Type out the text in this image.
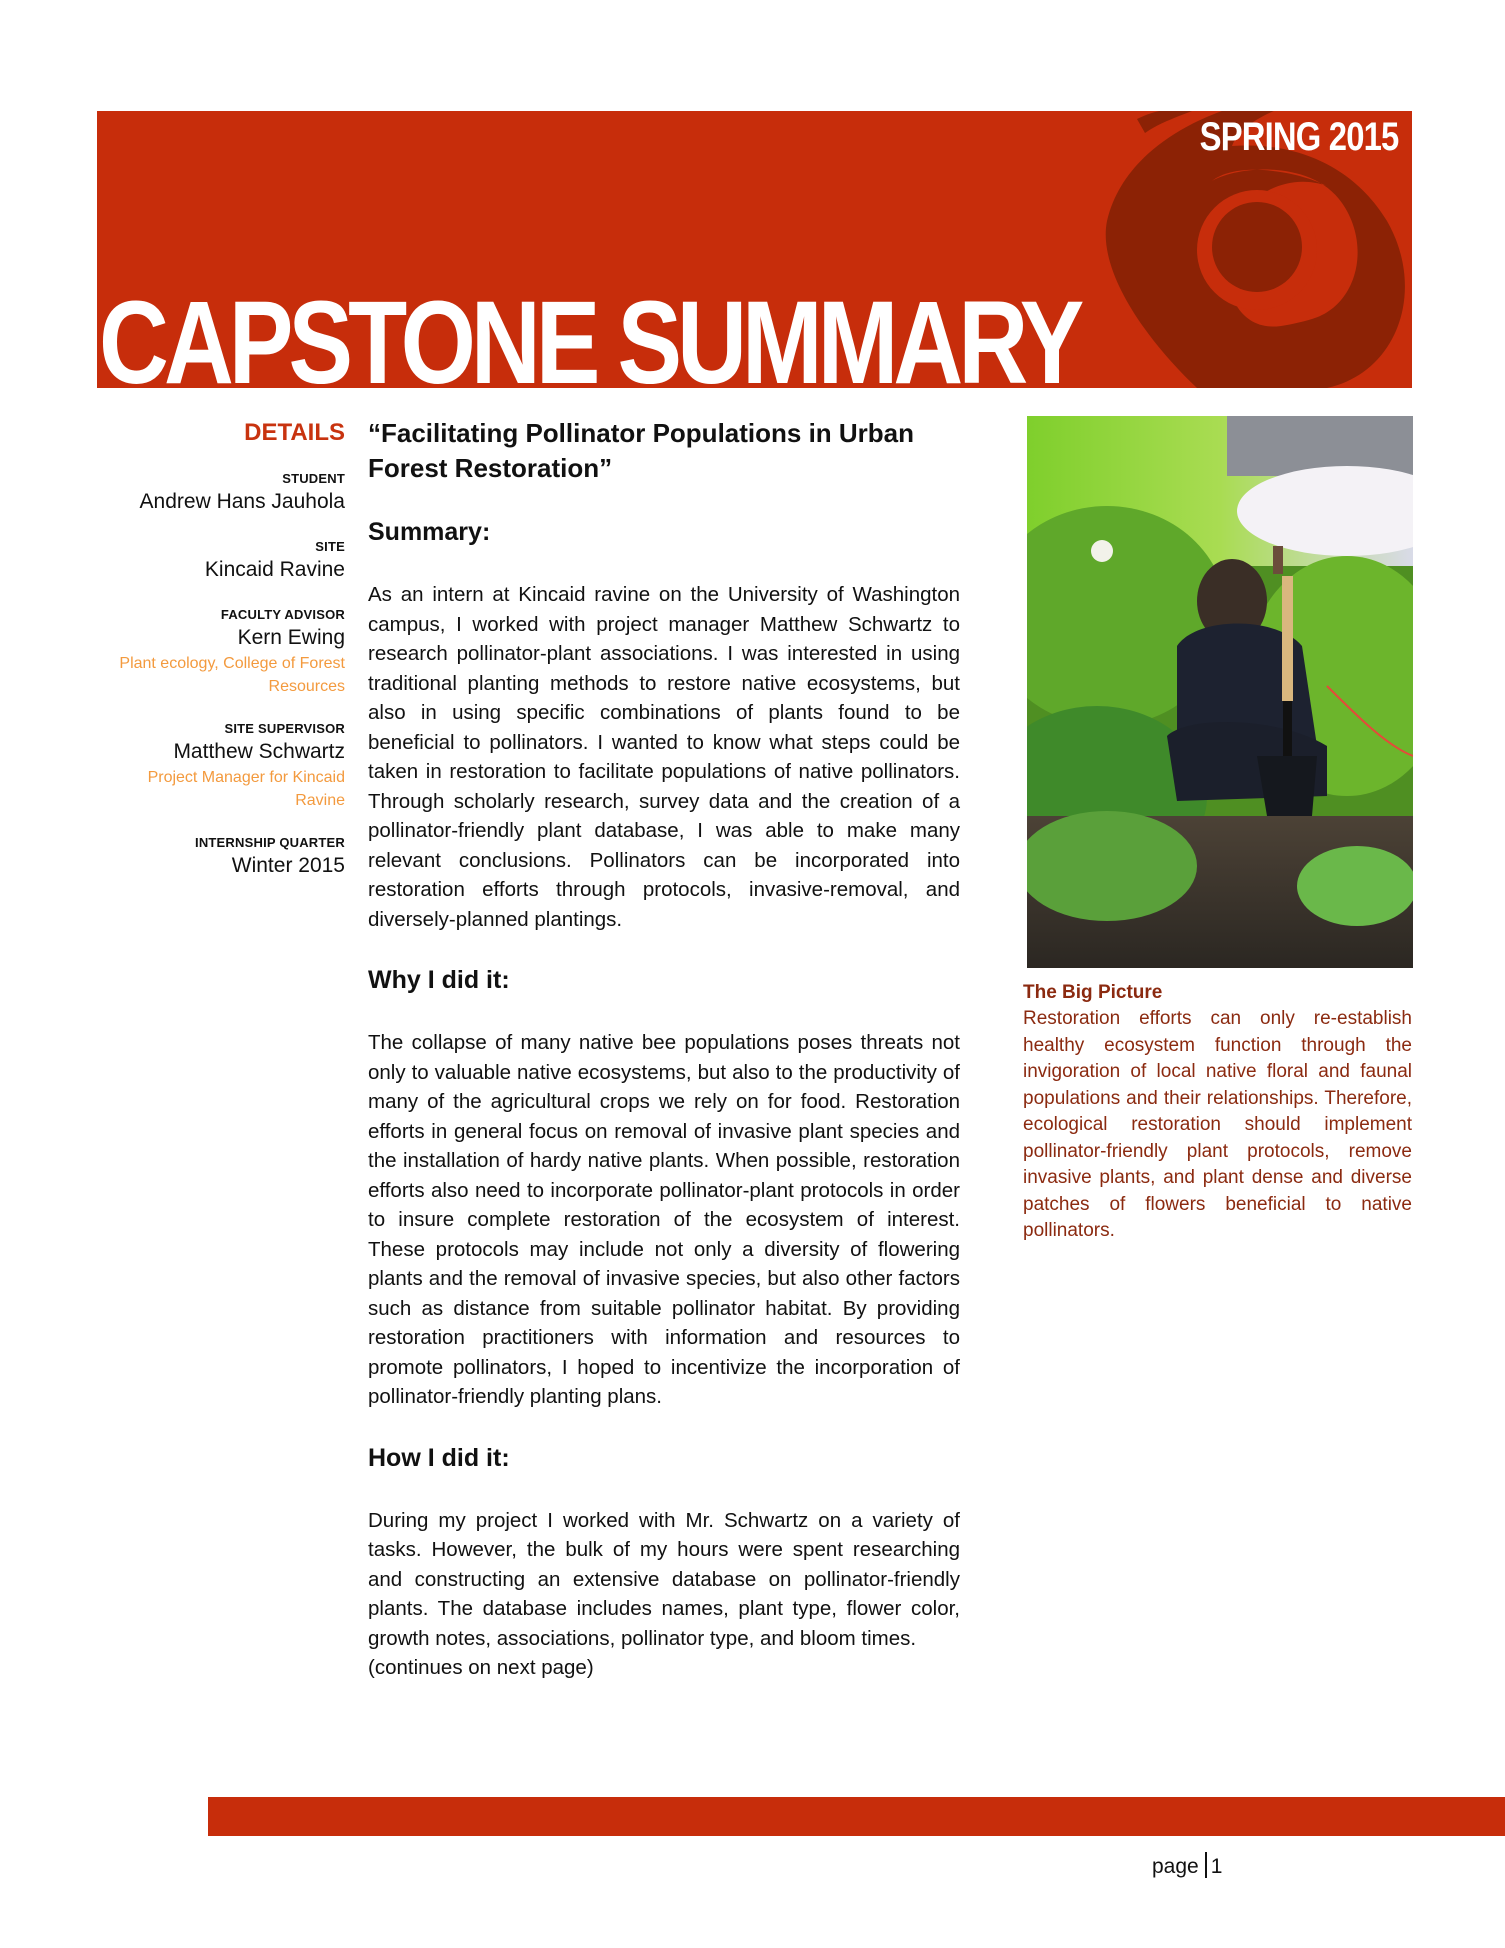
SPRING 2015
CAPSTONE SUMMARY
DETAILS
STUDENT
Andrew Hans Jauhola
SITE
Kincaid Ravine
FACULTY ADVISOR
Kern Ewing
Plant ecology, College of Forest Resources
SITE SUPERVISOR
Matthew Schwartz
Project Manager for Kincaid Ravine
INTERNSHIP QUARTER
Winter 2015
“Facilitating Pollinator Populations in Urban Forest Restoration”
Summary:

As an intern at Kincaid ravine on the University of Washington campus, I worked with project manager Matthew Schwartz to research pollinator-plant associations. I was interested in using traditional planting methods to restore native ecosystems, but also in using specific combinations of plants found to be beneficial to pollinators. I wanted to know what steps could be taken in restoration to facilitate populations of native pollinators. Through scholarly research, survey data and the creation of a pollinator-friendly plant database, I was able to make many relevant conclusions. Pollinators can be incorporated into restoration efforts through protocols, invasive-removal, and diversely-planned plantings.

Why I did it:

The collapse of many native bee populations poses threats not only to valuable native ecosystems, but also to the productivity of many of the agricultural crops we rely on for food. Restoration efforts in general focus on removal of invasive plant species and the installation of hardy native plants. When possible, restoration efforts also need to incorporate pollinator-plant protocols in order to insure complete restoration of the ecosystem of interest. These protocols may include not only a diversity of flowering plants and the removal of invasive species, but also other factors such as distance from suitable pollinator habitat. By providing restoration practitioners with information and resources to promote pollinators, I hoped to incentivize the incorporation of pollinator-friendly planting plans.

How I did it:

During my project I worked with Mr. Schwartz on a variety of tasks. However, the bulk of my hours were spent researching and constructing an extensive database on pollinator-friendly plants. The database includes names, plant type, flower color, growth notes, associations, pollinator type, and bloom times.

(continues on next page)
The Big Picture
Restoration efforts can only re-establish healthy ecosystem function through the invigoration of local native floral and faunal populations and their relationships. Therefore, ecological restoration should implement pollinator-friendly plant protocols, remove invasive plants, and plant dense and diverse patches of flowers beneficial to native pollinators.
page 1
